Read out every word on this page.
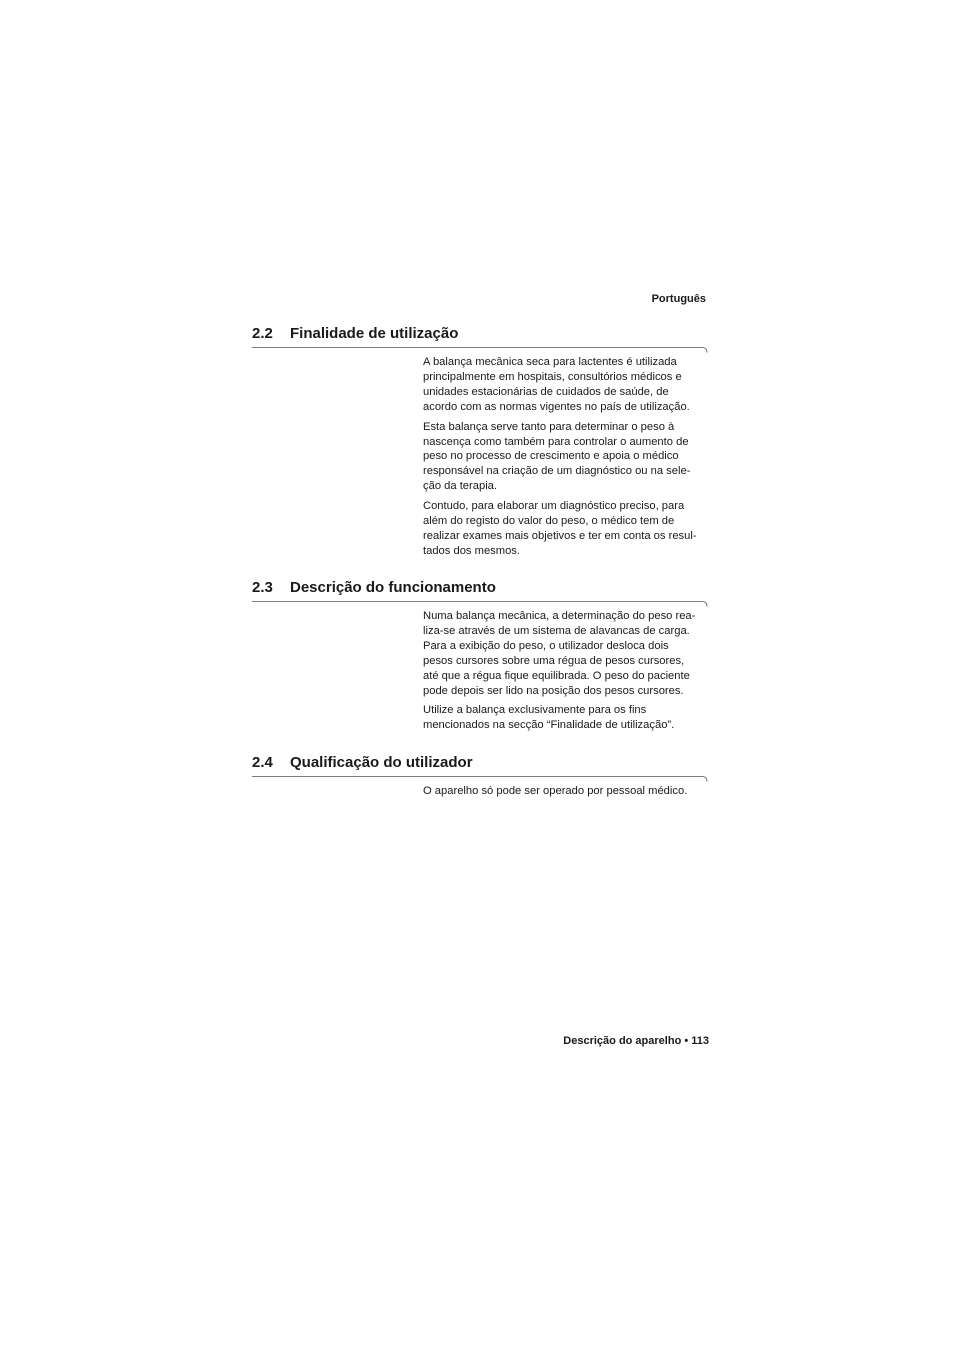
Português
2.2 Finalidade de utilização

A balança mecânica seca para lactentes é utilizada
principalmente em hospitais, consultórios médicos e
unidades estacionárias de cuidados de saúde, de
acordo com as normas vigentes no país de utilização.

Esta balança serve tanto para determinar o peso à
nascença como também para controlar o aumento de
peso no processo de crescimento e apoia o médico
responsável na criação de um diagnóstico ou na sele-
ção da terapia.

Contudo, para elaborar um diagnóstico preciso, para
além do registo do valor do peso, o médico tem de
realizar exames mais objetivos e ter em conta os resul-
tados dos mesmos.

2.3 Descrição do funcionamento

Numa balança mecânica, a determinação do peso rea-
liza-se através de um sistema de alavancas de carga.
Para a exibição do peso, o utilizador desloca dois
pesos cursores sobre uma régua de pesos cursores,
até que a régua fique equilibrada. O peso do paciente
pode depois ser lido na posição dos pesos cursores.

Utilize a balança exclusivamente para os fins
mencionados na secção “Finalidade de utilização”.

2.4 Qualificação do utilizador

O aparelho só pode ser operado por pessoal médico.

Descrição do aparelho • 113
